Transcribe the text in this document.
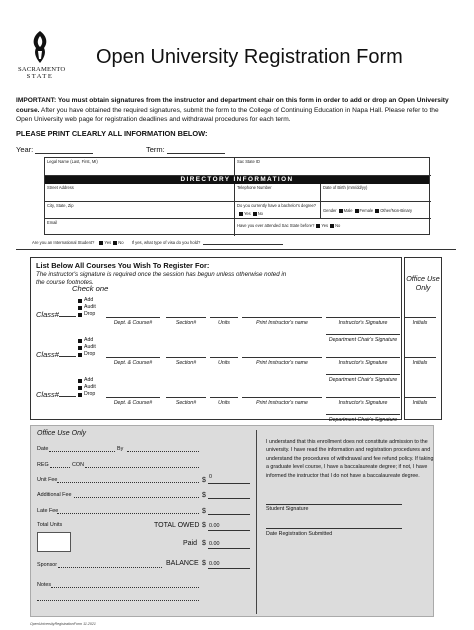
SACRAMENTO
STATE
Open University Registration Form

IMPORTANT: You must obtain signatures from the instructor and department chair on this form in order to add or drop an Open University course. After you have obtained the required signatures, submit the form to the College of Continuing Education in Napa Hall. Please refer to the Open University web page for registration deadlines and withdrawal procedures for each term.

PLEASE PRINT CLEARLY ALL INFORMATION BELOW:
Year:	Term:
Legal Name (Last, First, MI)	Sac State ID
DIRECTORY INFORMATION
Street Address	Telephone Number	Date of Birth (mm/dd/yy)
City, State, Zip	Do you currently have a bachelor's degree?
Yes No
Gender Male Female Other/Non-Binary
Email
Have you ever attended Sac State before? Yes No
Are you an International Student? Yes No If yes, what type of visa do you hold?
List Below All Courses You Wish To Register For:
The instructor's signature is required once the session has begun unless otherwise noted in the course footnotes.	Office Use Only
Check one
Class#
Add
Audit
Drop
Dept. & Course#	Section#	Units	Print Instructor's name	Instructor's Signature	Initials
Department Chair's Signature
Class#
Add
Audit
Drop
Dept. & Course#	Section#	Units	Print Instructor's name	Instructor's Signature	Initials
Department Chair's Signature
Class#
Add
Audit
Drop
Dept. & Course#	Section#	Units	Print Instructor's name	Instructor's Signature	Initials
Department Chair's Signature
Office Use Only
Date	By
REG	CON
Unit Fee	$ 0
Additional Fee	$
Late Fee	$
Total Units	TOTAL OWED $ 0.00
Paid $ 0.00
Sponsor	BALANCE $ 0.00
Notes

I understand that this enrollment does not constitute admission to the university. I have read the information and registration procedures and understand the procedures of withdrawal and fee refund policy. If taking a graduate level course, I have a baccalaureate degree; if not, I have informed the instructor that I do not have a baccalaureate degree.

Student Signature
Date Registration Submitted
OpenUniversityRegistrationForm 11.2021
